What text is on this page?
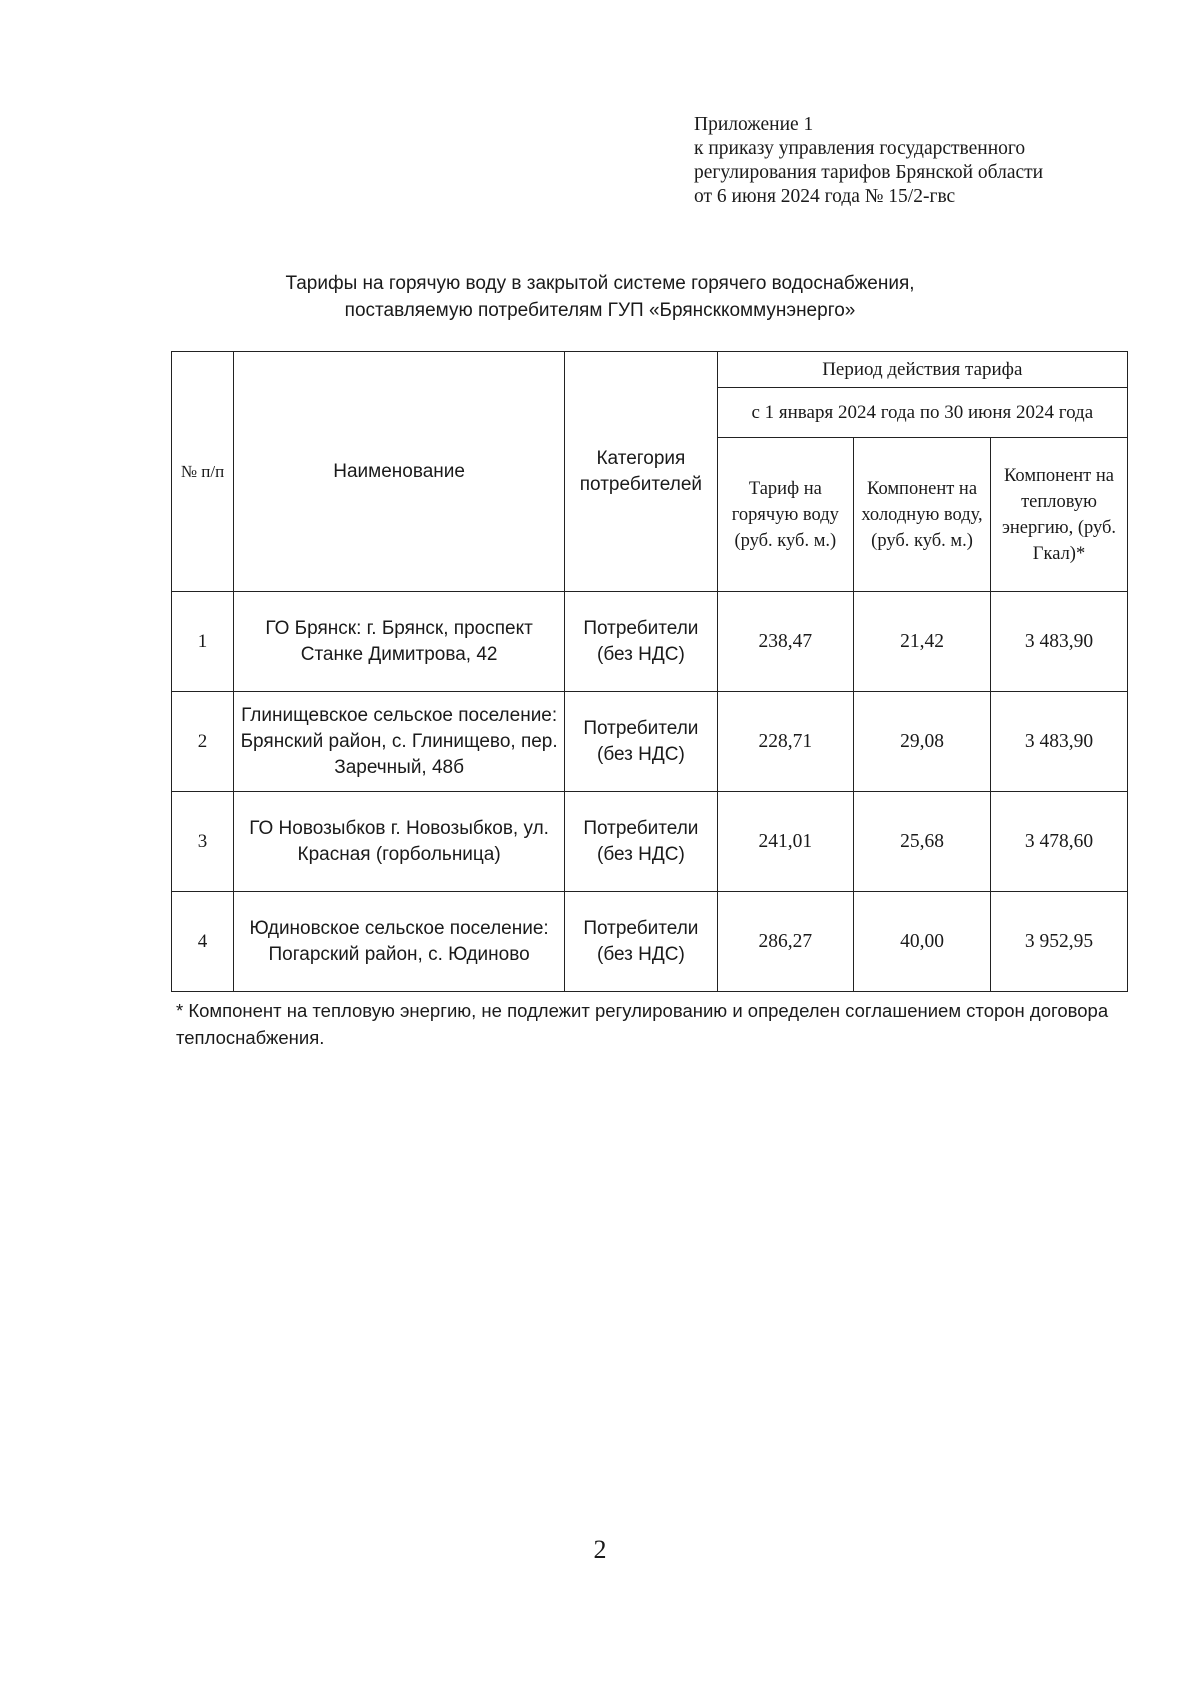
Приложение 1
к приказу управления государственного
регулирования тарифов Брянской области
от 6 июня 2024 года № 15/2-гвс
Тарифы на горячую воду в закрытой системе горячего водоснабжения,
поставляемую потребителям ГУП «Брянсккоммунэнерго»
№ п/п	Наименование	Категория потребителей	Период действия тарифа		
			с 1 января 2024 года по 30 июня 2024 года		
			Тариф на горячую воду (руб. куб. м.)	Компонент на холодную воду, (руб. куб. м.)	Компонент на тепловую энергию, (руб. Гкал)*
1	ГО Брянск: г. Брянск, проспект Станке Димитрова, 42	Потребители (без НДС)	238,47	21,42	3 483,90
2	Глинищевское сельское поселение: Брянский район, с. Глинищево, пер. Заречный, 48б	Потребители (без НДС)	228,71	29,08	3 483,90
3	ГО Новозыбков г. Новозыбков, ул. Красная (горбольница)	Потребители (без НДС)	241,01	25,68	3 478,60
4	Юдиновское сельское поселение: Погарский район, с. Юдиново	Потребители (без НДС)	286,27	40,00	3 952,95
* Компонент на тепловую энергию, не подлежит регулированию и определен соглашением сторон договора теплоснабжения.
2
